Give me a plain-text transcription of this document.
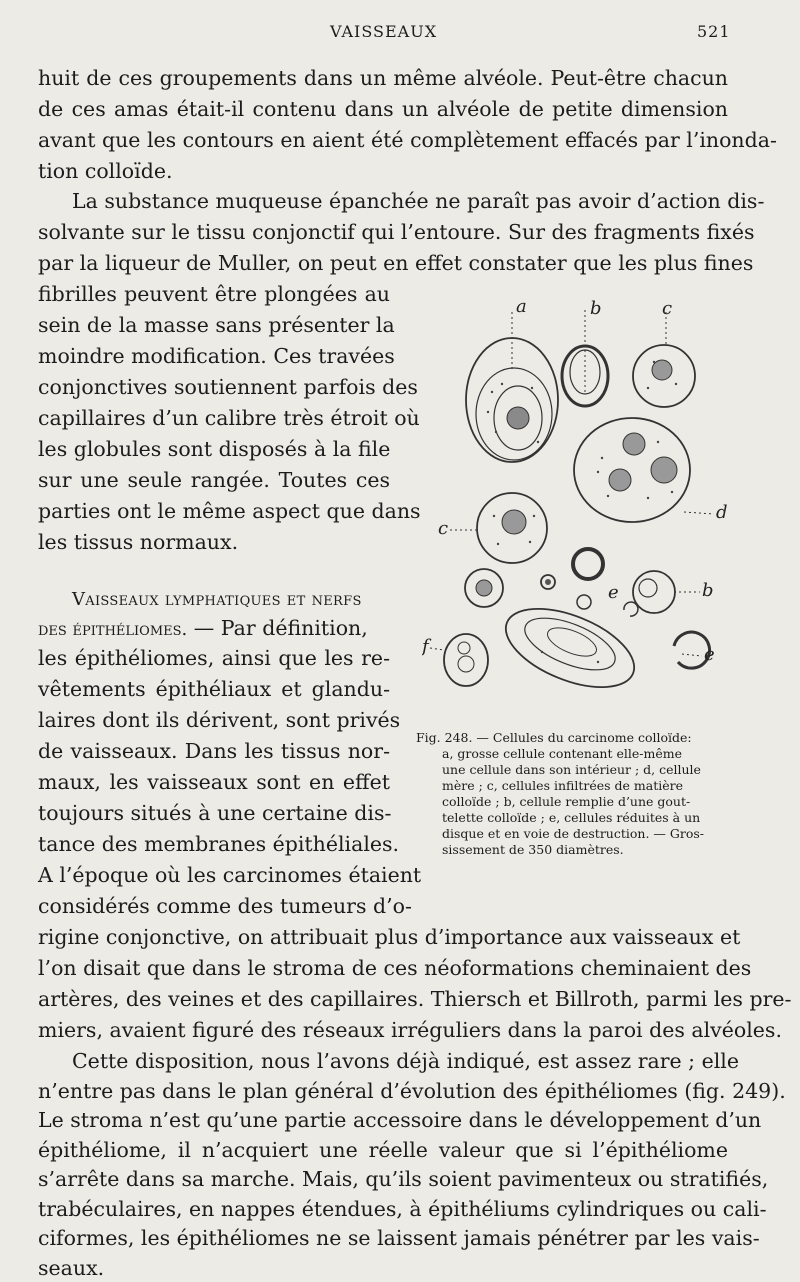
VAISSEAUX	521
huit de ces groupements dans un même alvéole. Peut-être chacun
de ces amas était-il contenu dans un alvéole de petite dimension
avant que les contours en aient été complètement effacés par l’inonda-
tion colloïde.
La substance muqueuse épanchée ne paraît pas avoir d’action dis-
solvante sur le tissu conjonctif qui l’entoure. Sur des fragments fixés
par la liqueur de Muller, on peut en effet constater que les plus fines
fibrilles peuvent être plongées au
sein de la masse sans présenter la
moindre modification. Ces travées
conjonctives soutiennent parfois des
capillaires d’un calibre très étroit où
les globules sont disposés à la file
sur une seule rangée. Toutes ces
parties ont le même aspect que dans
les tissus normaux.
Vaisseaux lymphatiques et nerfs
des épithéliomes. — Par définition,
les épithéliomes, ainsi que les re-
vêtements épithéliaux et glandu-
laires dont ils dérivent, sont privés
de vaisseaux. Dans les tissus nor-
maux, les vaisseaux sont en effet
toujours situés à une certaine dis-
tance des membranes épithéliales.
A l’époque où les carcinomes étaient
considérés comme des tumeurs d’o-
rigine conjonctive, on attribuait plus d’importance aux vaisseaux et
l’on disait que dans le stroma de ces néoformations cheminaient des
artères, des veines et des capillaires. Thiersch et Billroth, parmi les pre-
miers, avaient figuré des réseaux irréguliers dans la paroi des alvéoles.
Cette disposition, nous l’avons déjà indiqué, est assez rare ; elle
n’entre pas dans le plan général d’évolution des épithéliomes (fig. 249).
Le stroma n’est qu’une partie accessoire dans le développement d’un
épithéliome, il n’acquiert une réelle valeur que si l’épithéliome
s’arrête dans sa marche. Mais, qu’ils soient pavimenteux ou stratifiés,
trabéculaires, en nappes étendues, à épithéliums cylindriques ou cali-
ciformes, les épithéliomes ne se laissent jamais pénétrer par les vais-
a	b	c
d
c
e	b
e
f
Fig. 248. — Cellules du carcinome colloïde:
a, grosse cellule contenant elle-même
une cellule dans son intérieur ; d, cellule
mère ; c, cellules infiltrées de matière
colloïde ; b, cellule remplie d’une gout-
telette colloïde ; e, cellules réduites à un
disque et en voie de destruction. — Gros-
sissement de 350 diamètres.
seaux.
